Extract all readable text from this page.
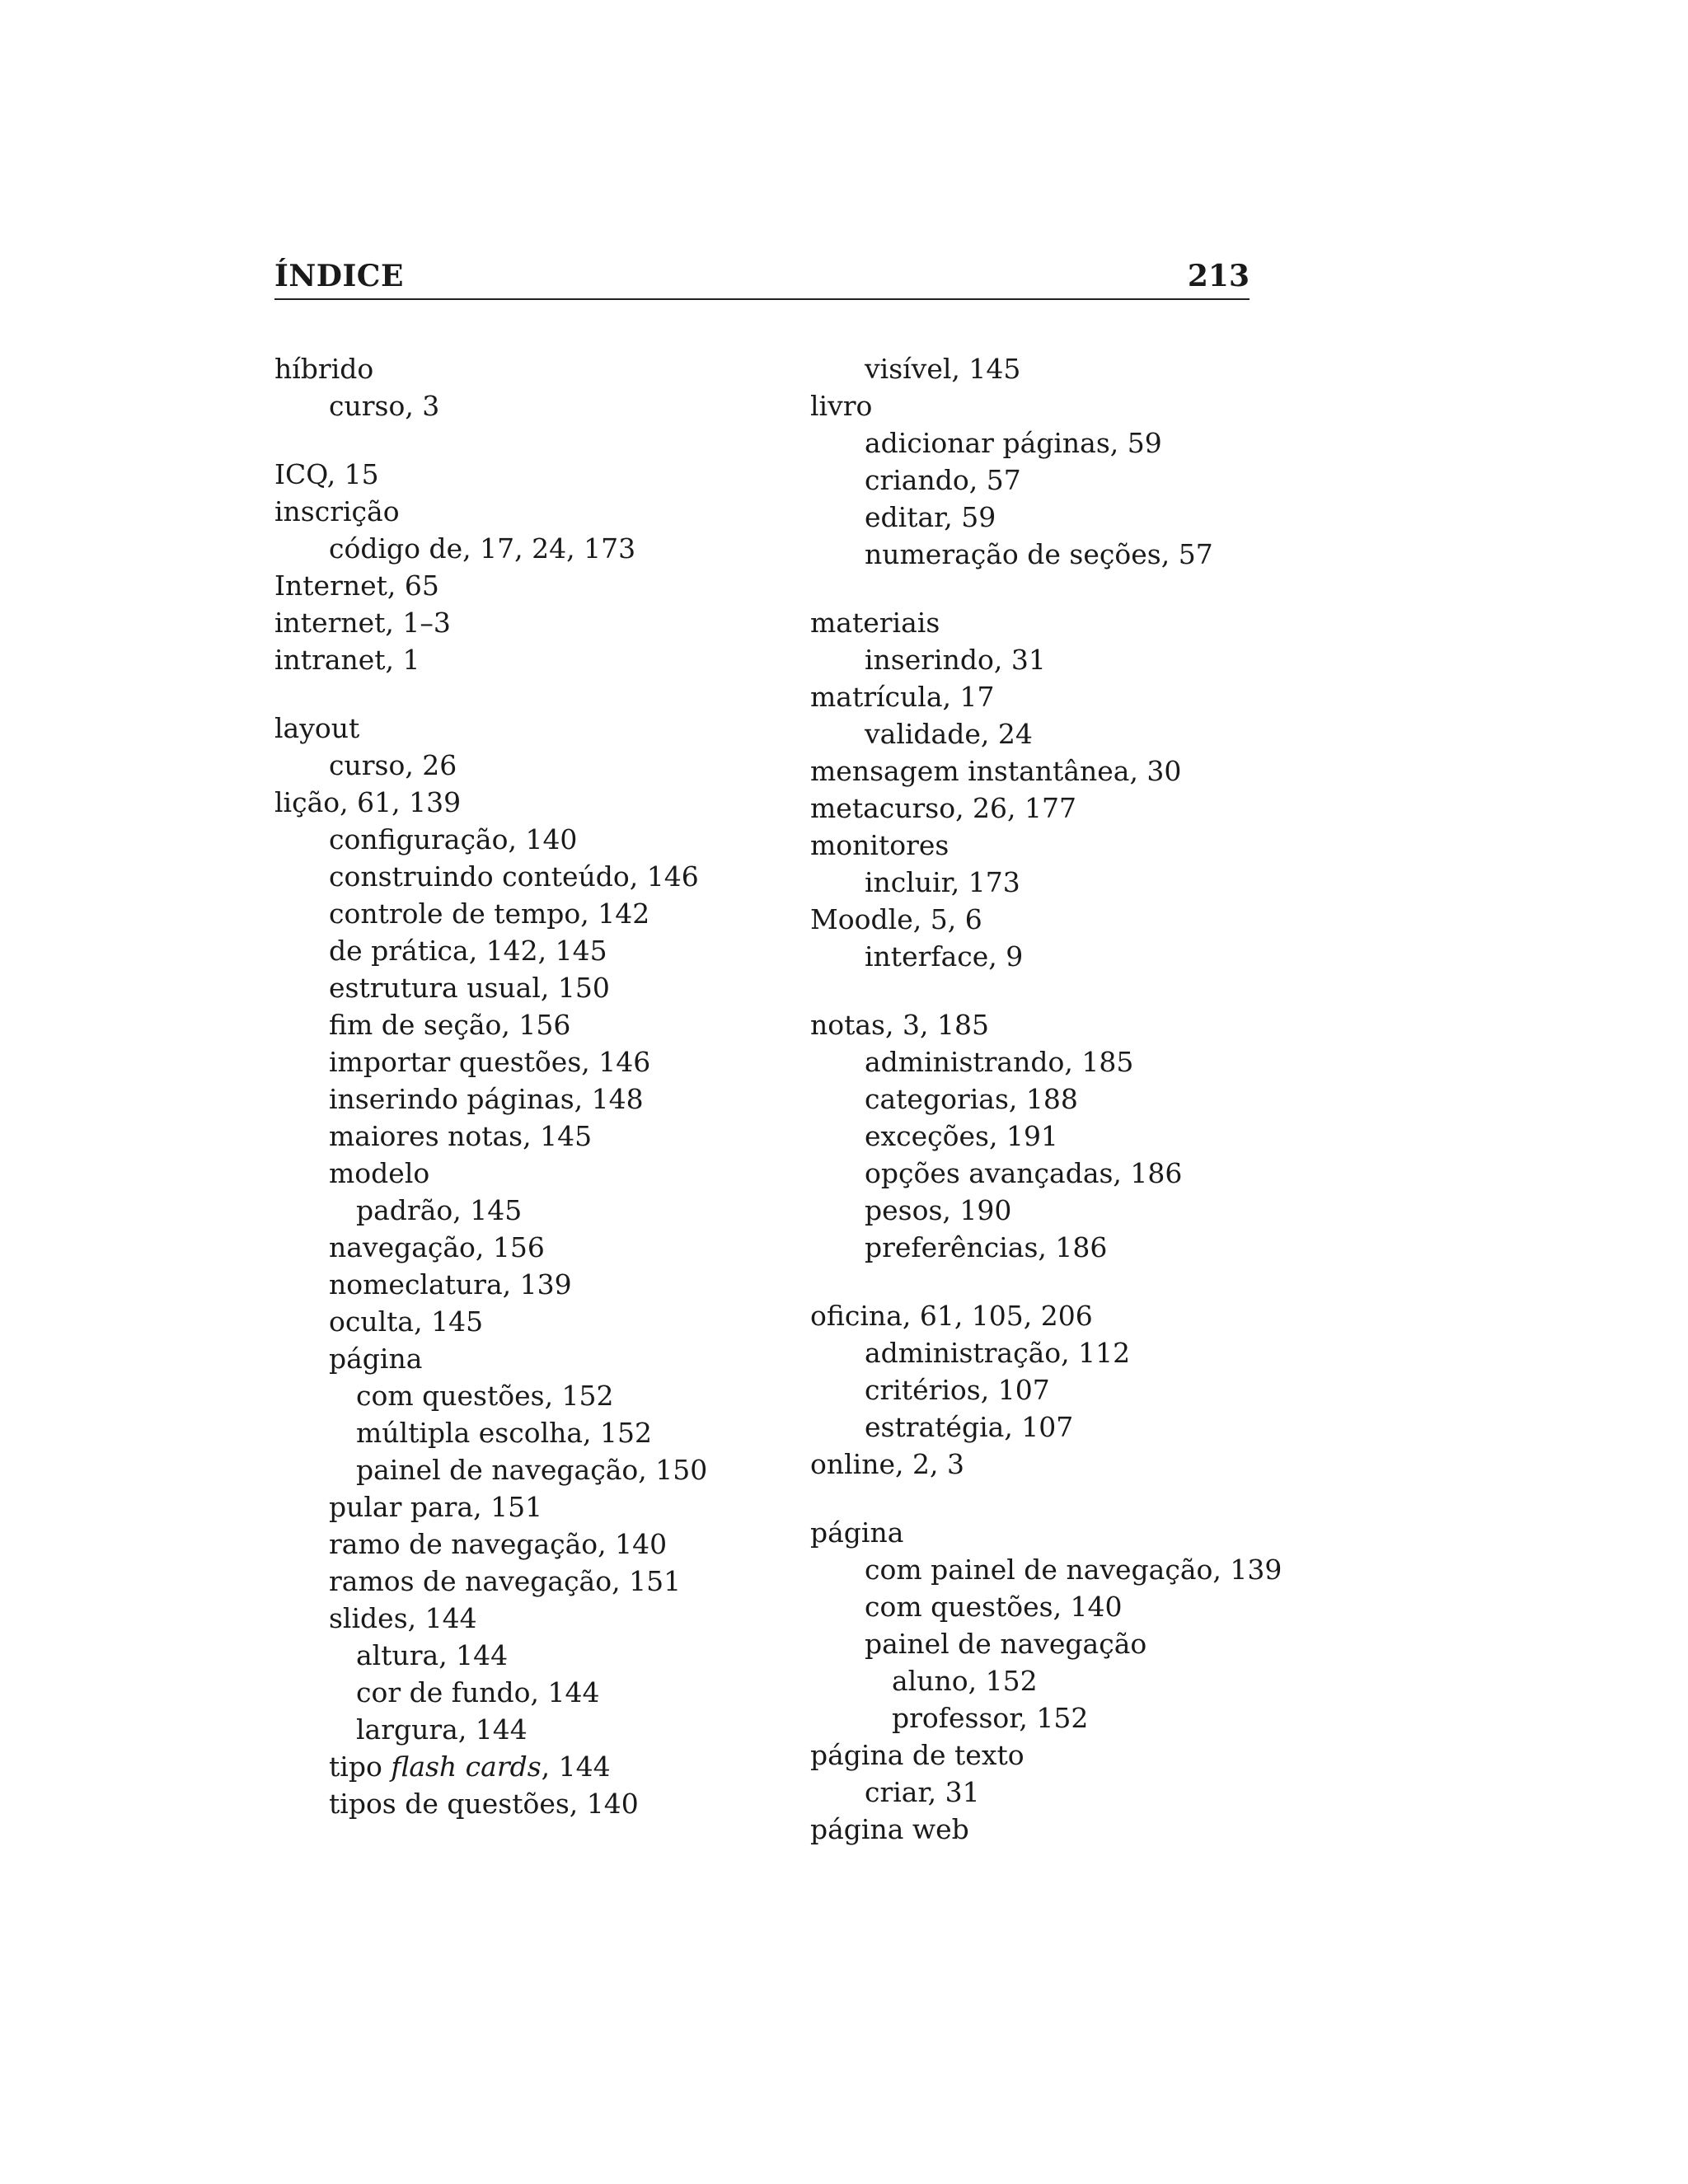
ÍNDICE	213
híbrido
curso, 3
ICQ, 15
inscrição
código de, 17, 24, 173
Internet, 65
internet, 1–3
intranet, 1
layout
curso, 26
lição, 61, 139
configuração, 140
construindo conteúdo, 146
controle de tempo, 142
de prática, 142, 145
estrutura usual, 150
fim de seção, 156
importar questões, 146
inserindo páginas, 148
maiores notas, 145
modelo
padrão, 145
navegação, 156
nomeclatura, 139
oculta, 145
página
com questões, 152
múltipla escolha, 152
painel de navegação, 150
pular para, 151
ramo de navegação, 140
ramos de navegação, 151
slides, 144
altura, 144
cor de fundo, 144
largura, 144
tipo flash cards, 144
tipos de questões, 140
visível, 145
livro
adicionar páginas, 59
criando, 57
editar, 59
numeração de seções, 57
materiais
inserindo, 31
matrícula, 17
validade, 24
mensagem instantânea, 30
metacurso, 26, 177
monitores
incluir, 173
Moodle, 5, 6
interface, 9
notas, 3, 185
administrando, 185
categorias, 188
exceções, 191
opções avançadas, 186
pesos, 190
preferências, 186
oficina, 61, 105, 206
administração, 112
critérios, 107
estratégia, 107
online, 2, 3
página
com painel de navegação, 139
com questões, 140
painel de navegação
aluno, 152
professor, 152
página de texto
criar, 31
página web
